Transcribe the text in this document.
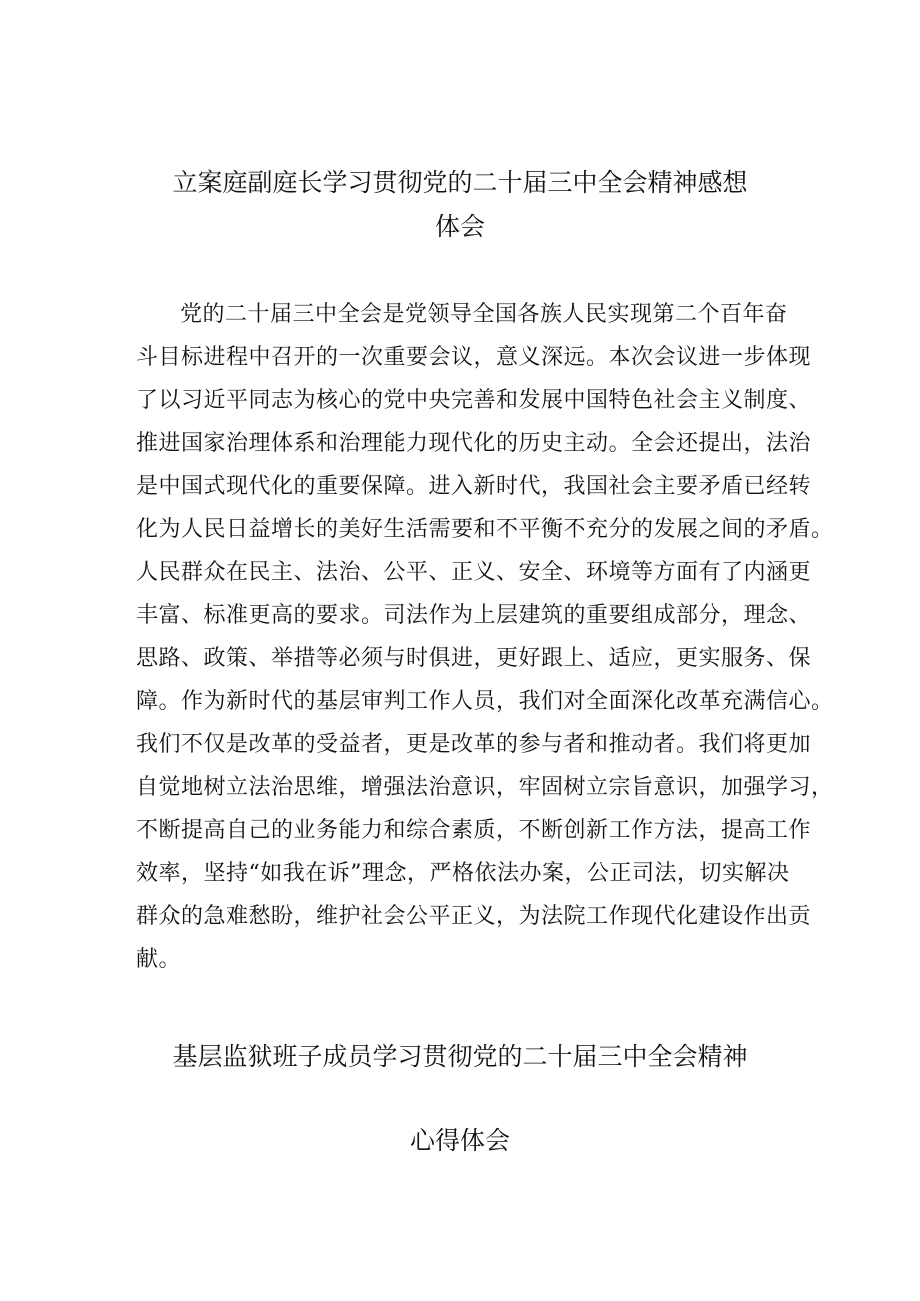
立案庭副庭长学习贯彻党的二十届三中全会精神感想
体会
党的二十届三中全会是党领导全国各族人民实现第二个百年奋
斗目标进程中召开的一次重要会议，意义深远。本次会议进一步体现
了以习近平同志为核心的党中央完善和发展中国特色社会主义制度、
推进国家治理体系和治理能力现代化的历史主动。全会还提出，法治
是中国式现代化的重要保障。进入新时代，我国社会主要矛盾已经转
化为人民日益增长的美好生活需要和不平衡不充分的发展之间的矛盾。
人民群众在民主、法治、公平、正义、安全、环境等方面有了内涵更
丰富、标准更高的要求。司法作为上层建筑的重要组成部分，理念、
思路、政策、举措等必须与时俱进，更好跟上、适应，更实服务、保
障。作为新时代的基层审判工作人员，我们对全面深化改革充满信心。
我们不仅是改革的受益者，更是改革的参与者和推动者。我们将更加
自觉地树立法治思维，增强法治意识，牢固树立宗旨意识，加强学习，
不断提高自己的业务能力和综合素质，不断创新工作方法，提高工作
效率，坚持“如我在诉”理念，严格依法办案，公正司法，切实解决
群众的急难愁盼，维护社会公平正义，为法院工作现代化建设作出贡
献。
基层监狱班子成员学习贯彻党的二十届三中全会精神
心得体会
